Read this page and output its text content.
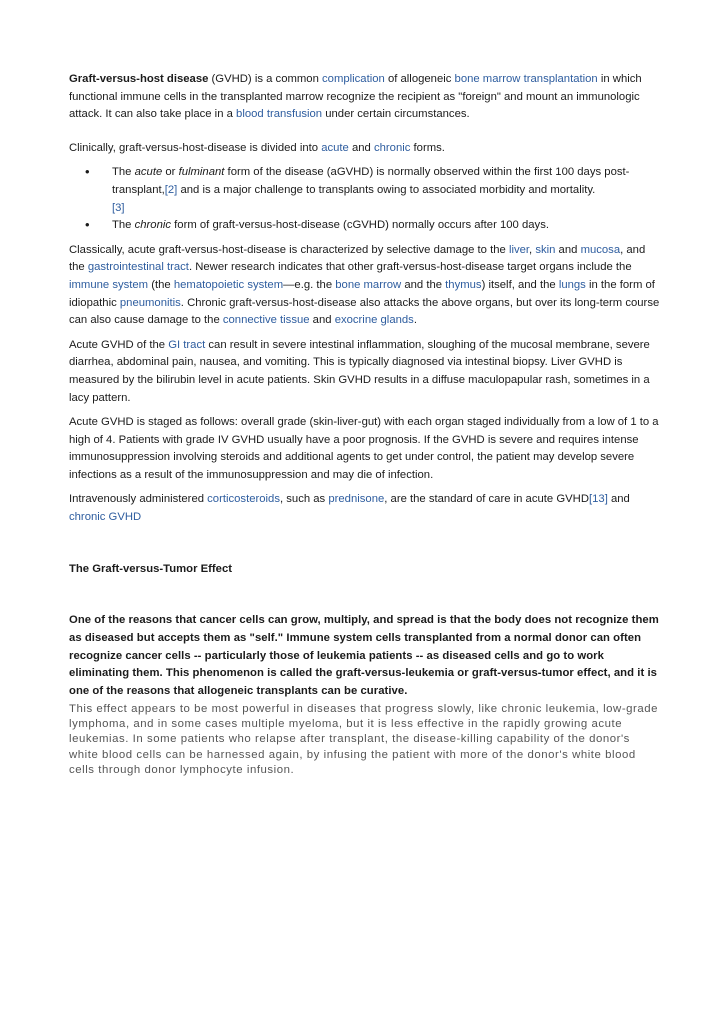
Graft-versus-host disease (GVHD) is a common complication of allogeneic bone marrow transplantation in which functional immune cells in the transplanted marrow recognize the recipient as "foreign" and mount an immunologic attack. It can also take place in a blood transfusion under certain circumstances.

Clinically, graft-versus-host-disease is divided into acute and chronic forms.

• The acute or fulminant form of the disease (aGVHD) is normally observed within the first 100 days post-transplant,[2] and is a major challenge to transplants owing to associated morbidity and mortality.
[3]
• The chronic form of graft-versus-host-disease (cGVHD) normally occurs after 100 days.

Classically, acute graft-versus-host-disease is characterized by selective damage to the liver, skin and mucosa, and the gastrointestinal tract. Newer research indicates that other graft-versus-host-disease target organs include the immune system (the hematopoietic system—e.g. the bone marrow and the thymus) itself, and the lungs in the form of idiopathic pneumonitis. Chronic graft-versus-host-disease also attacks the above organs, but over its long-term course can also cause damage to the connective tissue and exocrine glands.

Acute GVHD of the GI tract can result in severe intestinal inflammation, sloughing of the mucosal membrane, severe diarrhea, abdominal pain, nausea, and vomiting. This is typically diagnosed via intestinal biopsy. Liver GVHD is measured by the bilirubin level in acute patients. Skin GVHD results in a diffuse maculopapular rash, sometimes in a lacy pattern.

Acute GVHD is staged as follows: overall grade (skin-liver-gut) with each organ staged individually from a low of 1 to a high of 4. Patients with grade IV GVHD usually have a poor prognosis. If the GVHD is severe and requires intense immunosuppression involving steroids and additional agents to get under control, the patient may develop severe infections as a result of the immunosuppression and may die of infection.

Intravenously administered corticosteroids, such as prednisone, are the standard of care in acute GVHD[13] and chronic GVHD

The Graft-versus-Tumor Effect

One of the reasons that cancer cells can grow, multiply, and spread is that the body does not recognize them as diseased but accepts them as "self." Immune system cells transplanted from a normal donor can often recognize cancer cells -- particularly those of leukemia patients -- as diseased cells and go to work eliminating them. This phenomenon is called the graft-versus-leukemia or graft-versus-tumor effect, and it is one of the reasons that allogeneic transplants can be curative.

This effect appears to be most powerful in diseases that progress slowly, like chronic leukemia, low-grade lymphoma, and in some cases multiple myeloma, but it is less effective in the rapidly growing acute leukemias. In some patients who relapse after transplant, the disease-killing capability of the donor's white blood cells can be harnessed again, by infusing the patient with more of the donor's white blood cells through donor lymphocyte infusion.
